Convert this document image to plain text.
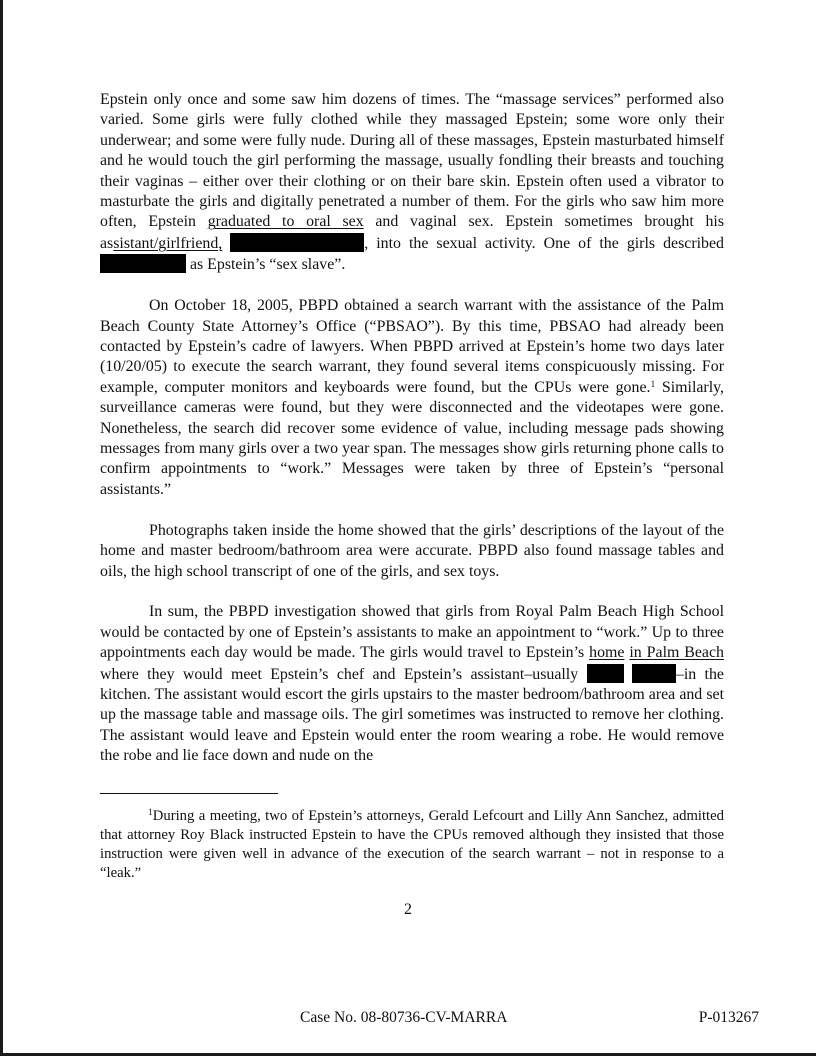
Epstein only once and some saw him dozens of times. The “massage services” performed also varied. Some girls were fully clothed while they massaged Epstein; some wore only their underwear; and some were fully nude. During all of these massages, Epstein masturbated himself and he would touch the girl performing the massage, usually fondling their breasts and touching their vaginas – either over their clothing or on their bare skin. Epstein often used a vibrator to masturbate the girls and digitally penetrated a number of them. For the girls who saw him more often, Epstein graduated to oral sex and vaginal sex. Epstein sometimes brought his assistant/girlfriend,	, into the sexual activity. One of the girls described  as Epstein’s “sex slave”.

On October 18, 2005, PBPD obtained a search warrant with the assistance of the Palm Beach County State Attorney’s Office (“PBSAO”). By this time, PBSAO had already been contacted by Epstein’s cadre of lawyers. When PBPD arrived at Epstein’s home two days later (10/20/05) to execute the search warrant, they found several items conspicuously missing. For example, computer monitors and keyboards were found, but the CPUs were gone.$^1$ Similarly, surveillance cameras were found, but they were disconnected and the videotapes were gone. Nonetheless, the search did recover some evidence of value, including message pads showing messages from many girls over a two year span. The messages show girls returning phone calls to confirm appointments to “work.” Messages were taken by three of Epstein’s “personal assistants.”

Photographs taken inside the home showed that the girls’ descriptions of the layout of the home and master bedroom/bathroom area were accurate. PBPD also found massage tables and oils, the high school transcript of one of the girls, and sex toys.

In sum, the PBPD investigation showed that girls from Royal Palm Beach High School would be contacted by one of Epstein’s assistants to make an appointment to “work.” Up to three appointments each day would be made. The girls would travel to Epstein’s home in Palm Beach where they would meet Epstein’s chef and Epstein’s assistant–usually	–in the kitchen. The assistant would escort the girls upstairs to the master bedroom/bathroom area and set up the massage table and massage oils. The girl sometimes was instructed to remove her clothing. The assistant would leave and Epstein would enter the room wearing a robe. He would remove the robe and lie face down and nude on the

$^1$During a meeting, two of Epstein’s attorneys, Gerald Lefcourt and Lilly Ann Sanchez, admitted that attorney Roy Black instructed Epstein to have the CPUs removed although they insisted that those instruction were given well in advance of the execution of the search warrant – not in response to a “leak.”

2
Case No. 08-80736-CV-MARRA	P-013267
